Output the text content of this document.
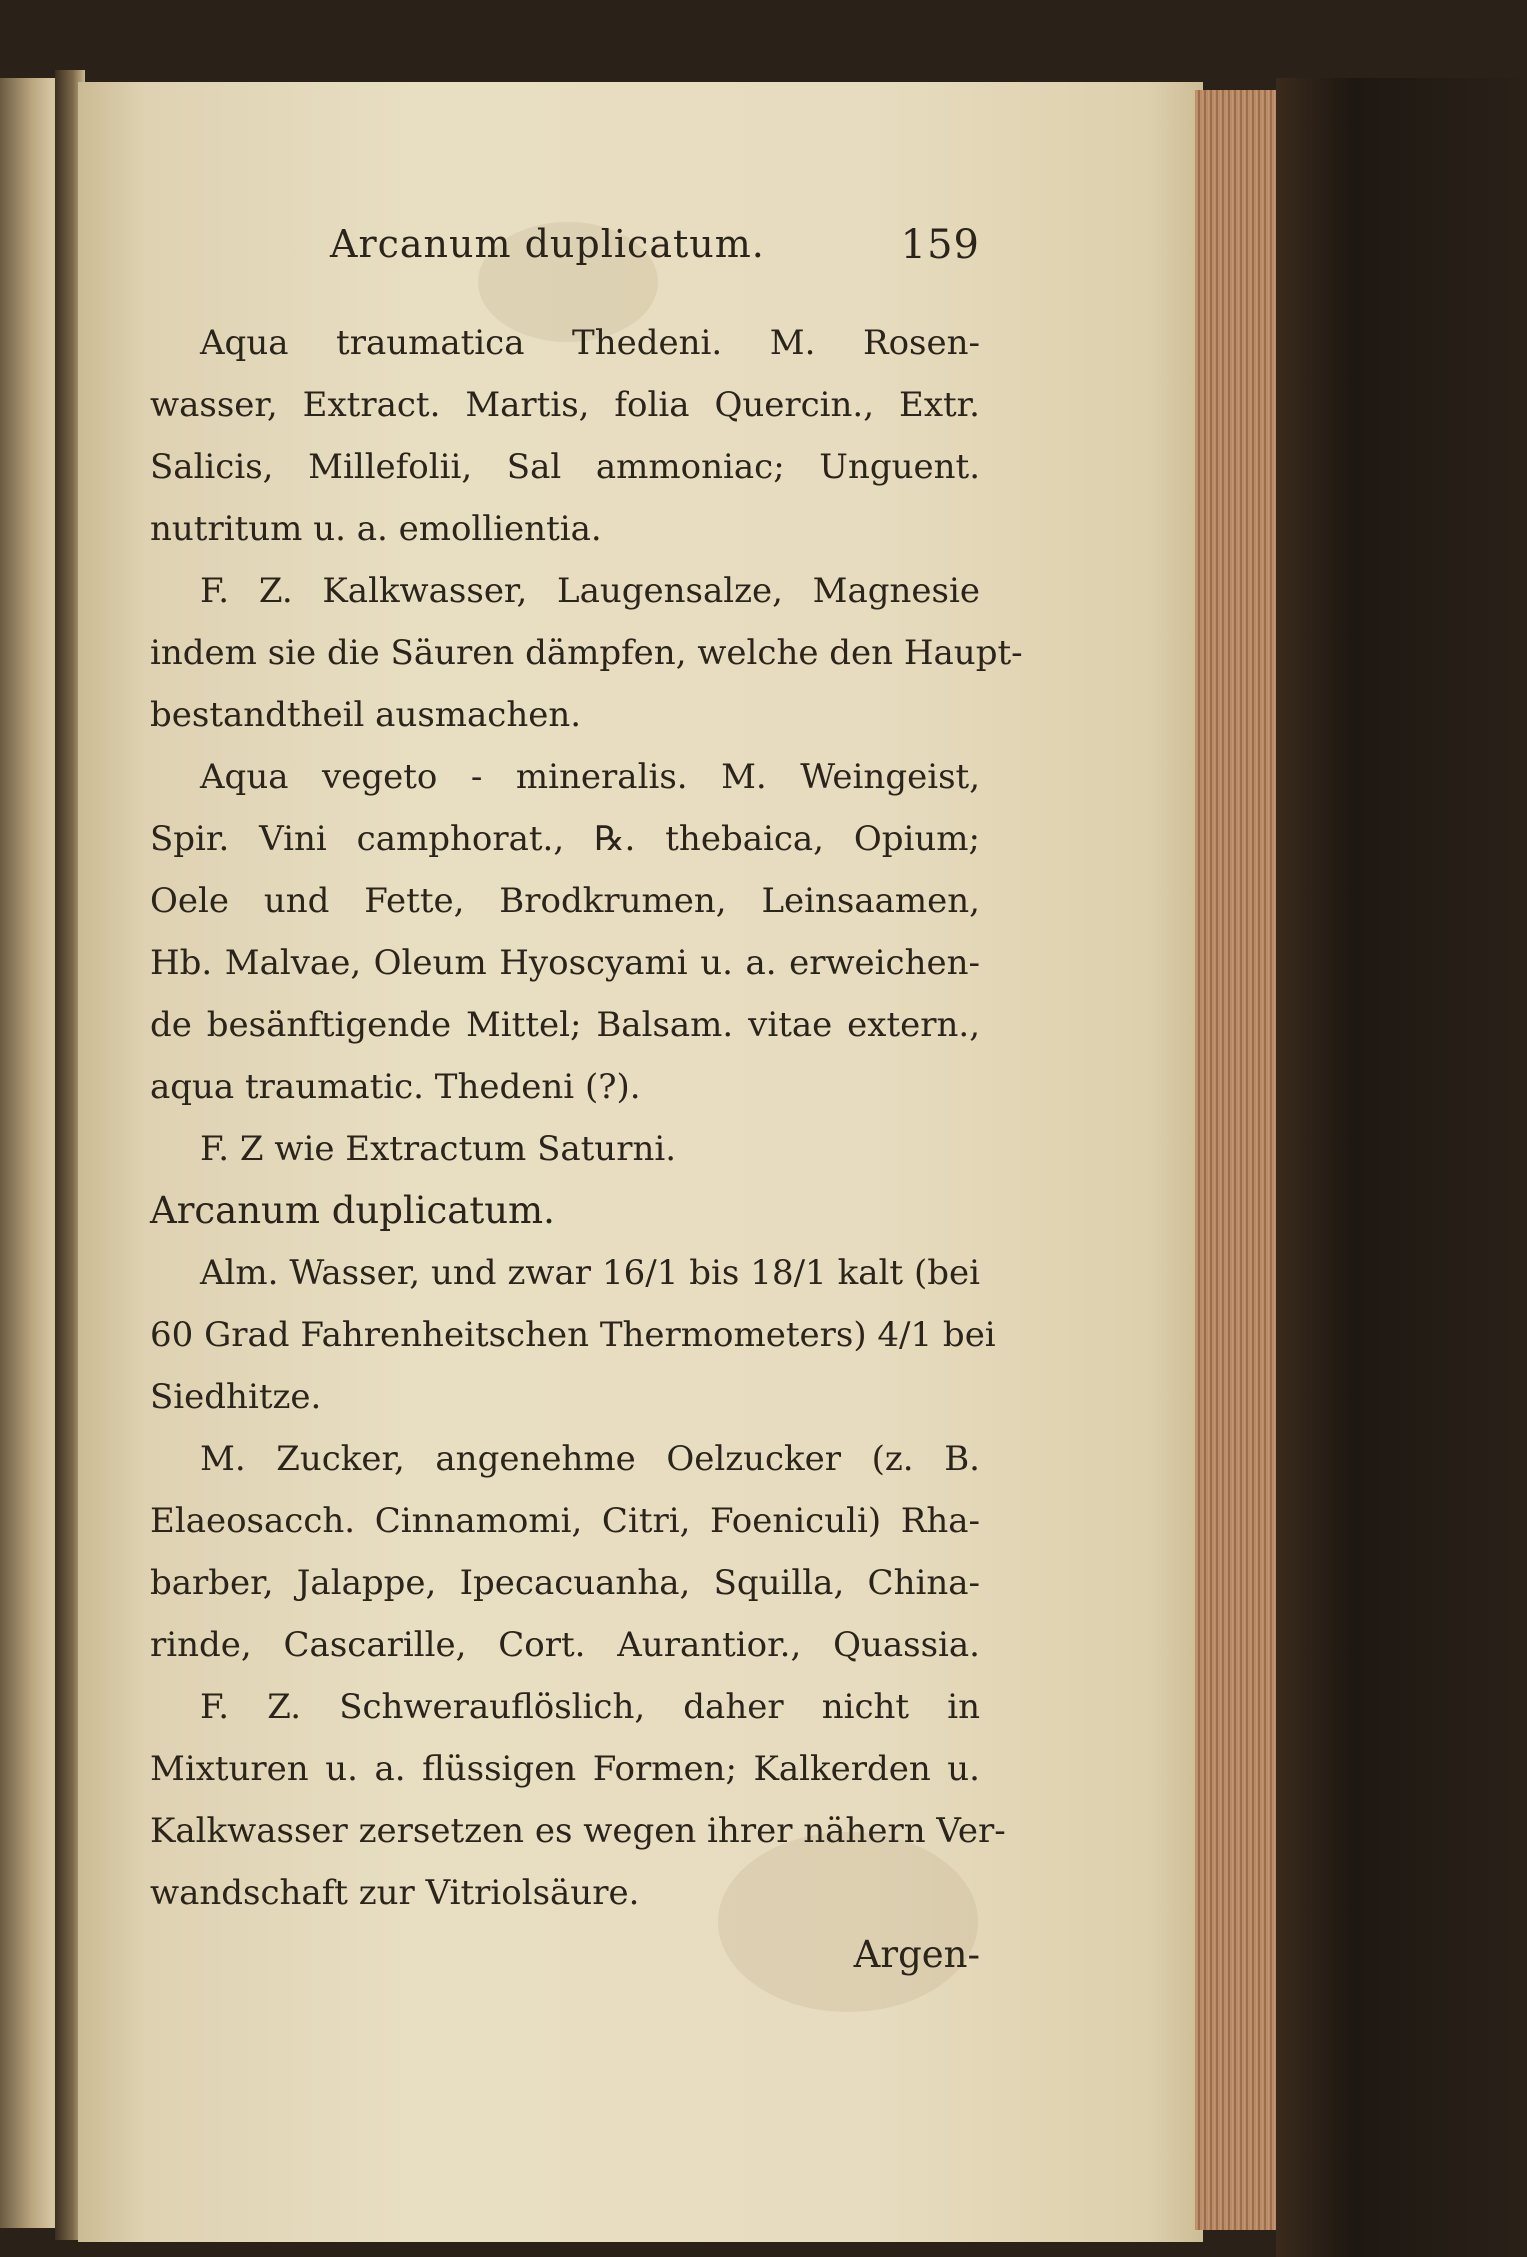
Arcanum duplicatum.	159
Aqua traumatica Thedeni. M. Rosen-
wasser, Extract. Martis, folia Quercin., Extr.
Salicis, Millefolii, Sal ammoniac; Unguent.
nutritum u. a. emollientia.
F. Z. Kalkwasser, Laugensalze, Magnesie
indem sie die Säuren dämpfen, welche den Haupt-
bestandtheil ausmachen.
Aqua vegeto - mineralis. M. Weingeist,
Spir. Vini camphorat., ℞. thebaica, Opium;
Oele und Fette, Brodkrumen, Leinsaamen,
Hb. Malvae, Oleum Hyoscyami u. a. erweichen-
de besänftigende Mittel; Balsam. vitae extern.,
aqua traumatic. Thedeni (?).
F. Z wie Extractum Saturni.
Arcanum duplicatum.
Alm. Wasser, und zwar 16/1 bis 18/1 kalt (bei
60 Grad Fahrenheitschen Thermometers) 4/1 bei
Siedhitze.
M. Zucker, angenehme Oelzucker (z. B.
Elaeosacch. Cinnamomi, Citri, Foeniculi) Rha-
barber, Jalappe, Ipecacuanha, Squilla, China-
rinde, Cascarille, Cort. Aurantior., Quassia.
F. Z. Schwerauflöslich, daher nicht in
Mixturen u. a. flüssigen Formen; Kalkerden u.
Kalkwasser zersetzen es wegen ihrer nähern Ver-
wandschaft zur Vitriolsäure.
Argen-
